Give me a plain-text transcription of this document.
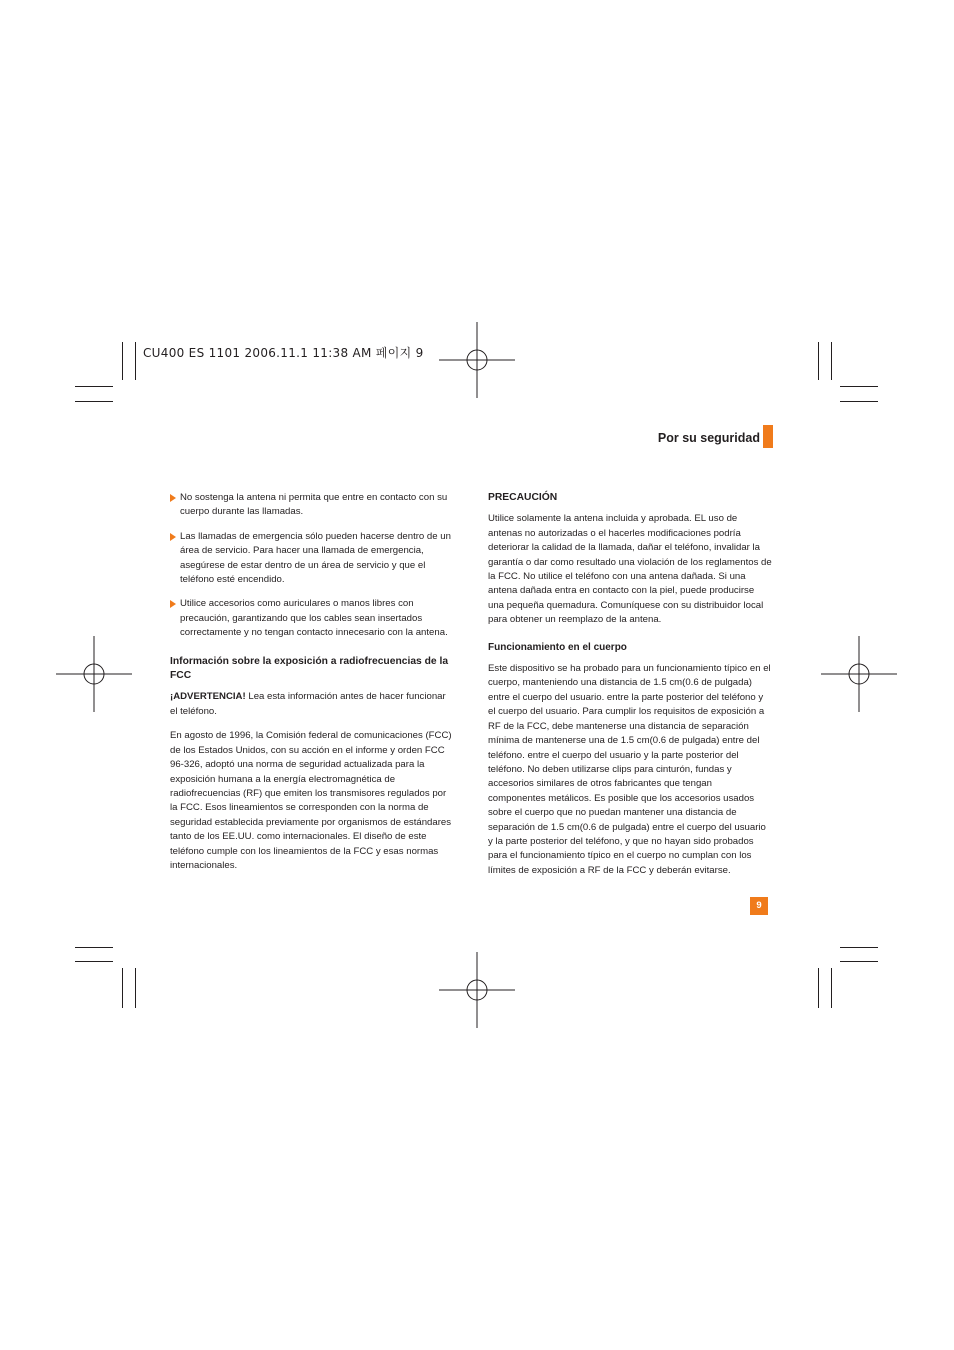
CU400 ES 1101 2006.11.1 11:38 AM 페이지 9
Por su seguridad
No sostenga la antena ni permita que entre en contacto con su cuerpo durante las llamadas.
Las llamadas de emergencia sólo pueden hacerse dentro de un área de servicio. Para hacer una llamada de emergencia, asegúrese de estar dentro de un área de servicio y que el teléfono esté encendido.
Utilice accesorios como auriculares o manos libres con precaución, garantizando que los cables sean insertados correctamente y no tengan contacto innecesario con la antena.
Información sobre la exposición a radiofrecuencias de la FCC

¡ADVERTENCIA! Lea esta información antes de hacer funcionar el teléfono.

En agosto de 1996, la Comisión federal de comunicaciones (FCC) de los Estados Unidos, con su acción en el informe y orden FCC 96-326, adoptó una norma de seguridad actualizada para la exposición humana a la energía electromagnética de radiofrecuencias (RF) que emiten los transmisores regulados por la FCC. Esos lineamientos se corresponden con la norma de seguridad establecida previamente por organismos de estándares tanto de los EE.UU. como internacionales. El diseño de este teléfono cumple con los lineamientos de la FCC y esas normas internacionales.

PRECAUCIÓN

Utilice solamente la antena incluida y aprobada. EL uso de antenas no autorizadas o el hacerles modificaciones podría deteriorar la calidad de la llamada, dañar el teléfono, invalidar la garantía o dar como resultado una violación de los reglamentos de la FCC. No utilice el teléfono con una antena dañada. Si una antena dañada entra en contacto con la piel, puede producirse una pequeña quemadura. Comuníquese con su distribuidor local para obtener un reemplazo de la antena.

Funcionamiento en el cuerpo

Este dispositivo se ha probado para un funcionamiento típico en el cuerpo, manteniendo una distancia de 1.5 cm(0.6 de pulgada) entre el cuerpo del usuario. entre la parte posterior del teléfono y el cuerpo del usuario. Para cumplir los requisitos de exposición a RF de la FCC, debe mantenerse una distancia de separación mínima de mantenerse una de 1.5 cm(0.6 de pulgada) entre del teléfono. entre el cuerpo del usuario y la parte posterior del teléfono. No deben utilizarse clips para cinturón, fundas y accesorios similares de otros fabricantes que tengan componentes metálicos. Es posible que los accesorios usados sobre el cuerpo que no puedan mantener una distancia de separación de 1.5 cm(0.6 de pulgada) entre el cuerpo del usuario y la parte posterior del teléfono, y que no hayan sido probados para el funcionamiento típico en el cuerpo no cumplan con los límites de exposición a RF de la FCC y deberán evitarse.

9
